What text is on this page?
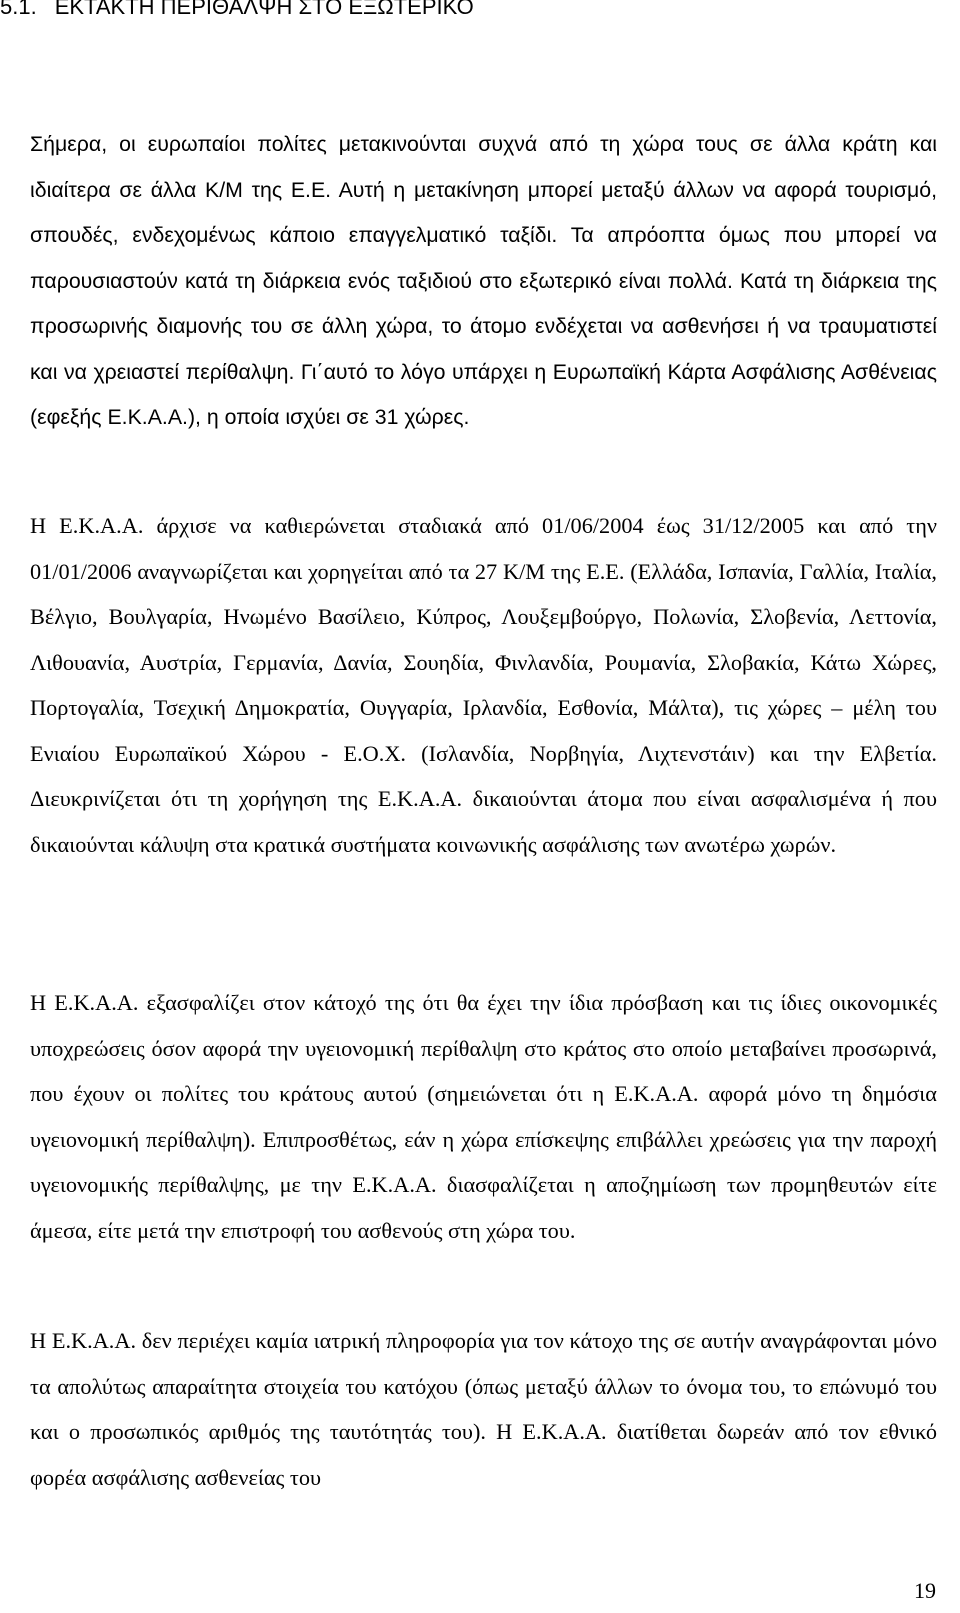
5.1. ΕΚΤΑΚΤΗ ΠΕΡΙΘΑΛΨΗ ΣΤΟ ΕΞΩΤΕΡΙΚΟ

Σήμερα, οι ευρωπαίοι πολίτες μετακινούνται συχνά από τη χώρα τους σε άλλα κράτη και ιδιαίτερα σε άλλα Κ/Μ της Ε.Ε. Αυτή η μετακίνηση μπορεί μεταξύ άλλων να αφορά τουρισμό, σπουδές, ενδεχομένως κάποιο επαγγελματικό ταξίδι. Τα απρόοπτα όμως που μπορεί να παρουσιαστούν κατά τη διάρκεια ενός ταξιδιού στο εξωτερικό είναι πολλά. Κατά τη διάρκεια της προσωρινής διαμονής του σε άλλη χώρα, το άτομο ενδέχεται να ασθενήσει ή να τραυματιστεί και να χρειαστεί περίθαλψη. Γι΄αυτό το λόγο υπάρχει η Ευρωπαϊκή Κάρτα Ασφάλισης Ασθένειας (εφεξής Ε.Κ.Α.Α.), η οποία ισχύει σε 31 χώρες.

Η Ε.Κ.Α.Α. άρχισε να καθιερώνεται σταδιακά από 01/06/2004 έως 31/12/2005 και από την 01/01/2006 αναγνωρίζεται και χορηγείται από τα 27 Κ/Μ της Ε.Ε. (Ελλάδα, Ισπανία, Γαλλία, Ιταλία, Βέλγιο, Βουλγαρία, Ηνωμένο Βασίλειο, Κύπρος, Λουξεμβούργο, Πολωνία, Σλοβενία, Λεττονία, Λιθουανία, Αυστρία, Γερμανία, Δανία, Σουηδία, Φινλανδία, Ρουμανία, Σλοβακία, Κάτω Χώρες, Πορτογαλία, Τσεχική Δημοκρατία, Ουγγαρία, Ιρλανδία, Εσθονία, Μάλτα), τις χώρες – μέλη του Ενιαίου Ευρωπαϊκού Χώρου - Ε.Ο.Χ. (Ισλανδία, Νορβηγία, Λιχτενστάιν) και την Ελβετία. Διευκρινίζεται ότι τη χορήγηση της Ε.Κ.Α.Α. δικαιούνται άτομα που είναι ασφαλισμένα ή που δικαιούνται κάλυψη στα κρατικά συστήματα κοινωνικής ασφάλισης των ανωτέρω χωρών.

Η Ε.Κ.Α.Α. εξασφαλίζει στον κάτοχό της ότι θα έχει την ίδια πρόσβαση και τις ίδιες οικονομικές υποχρεώσεις όσον αφορά την υγειονομική περίθαλψη στο κράτος στο οποίο μεταβαίνει προσωρινά, που έχουν οι πολίτες του κράτους αυτού (σημειώνεται ότι η Ε.Κ.Α.Α. αφορά μόνο τη δημόσια υγειονομική περίθαλψη). Επιπροσθέτως, εάν η χώρα επίσκεψης επιβάλλει χρεώσεις για την παροχή υγειονομικής περίθαλψης, με την Ε.Κ.Α.Α. διασφαλίζεται η αποζημίωση των προμηθευτών είτε άμεσα, είτε μετά την επιστροφή του ασθενούς στη χώρα του.

Η Ε.Κ.Α.Α. δεν περιέχει καμία ιατρική πληροφορία για τον κάτοχο της σε αυτήν αναγράφονται μόνο τα απολύτως απαραίτητα στοιχεία του κατόχου (όπως μεταξύ άλλων το όνομα του, το επώνυμό του και ο προσωπικός αριθμός της ταυτότητάς του). Η Ε.Κ.Α.Α. διατίθεται δωρεάν από τον εθνικό φορέα ασφάλισης ασθενείας του

19
